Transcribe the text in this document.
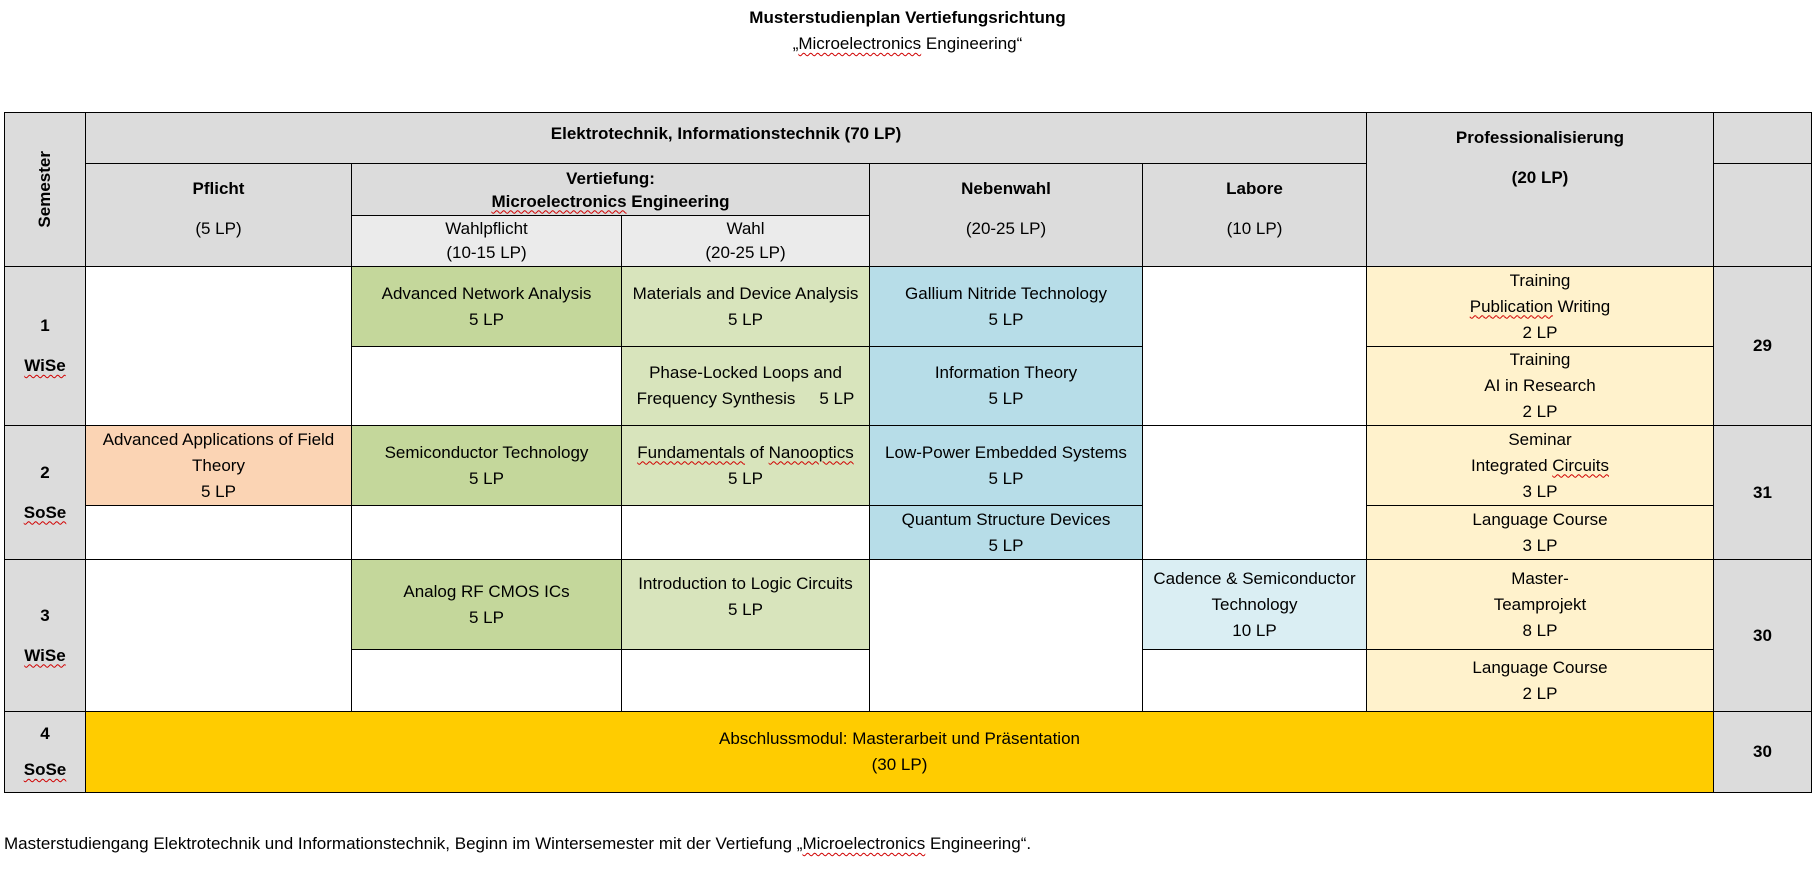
Musterstudienplan Vertiefungsrichtung
„Microelectronics Engineering“
Semester
Elektrotechnik, Informationstechnik (70 LP)	Professionalisierung
(20 LP)
Pflicht
(5 LP)
Vertiefung:
Microelectronics Engineering
Wahlpflicht
(10-15 LP)
Wahl
(20-25 LP)
Nebenwahl
(20-25 LP)
Labore
(10 LP)
1
WiSe
2
SoSe
3
WiSe
4
SoSe
29
31
30
30
Advanced Network Analysis
5 LP
Materials and Device Analysis
5 LP
Phase-Locked Loops and
Frequency Synthesis 5 LP
Gallium Nitride Technology
5 LP
Information Theory
5 LP
Training
Publication Writing
2 LP
Training
AI in Research
2 LP
Advanced Applications of Field
Theory
5 LP
Semiconductor Technology
5 LP
Fundamentals of Nanooptics
5 LP
Low-Power Embedded Systems
5 LP
Quantum Structure Devices
5 LP
Seminar
Integrated Circuits
3 LP
Language Course
3 LP
Analog RF CMOS ICs
5 LP
Introduction to Logic Circuits
5 LP
Cadence & Semiconductor
Technology
10 LP
Master-
Teamprojekt
8 LP
Language Course
2 LP
Abschlussmodul: Masterarbeit und Präsentation
(30 LP)
Masterstudiengang Elektrotechnik und Informationstechnik, Beginn im Wintersemester mit der Vertiefung „Microelectronics Engineering“.
